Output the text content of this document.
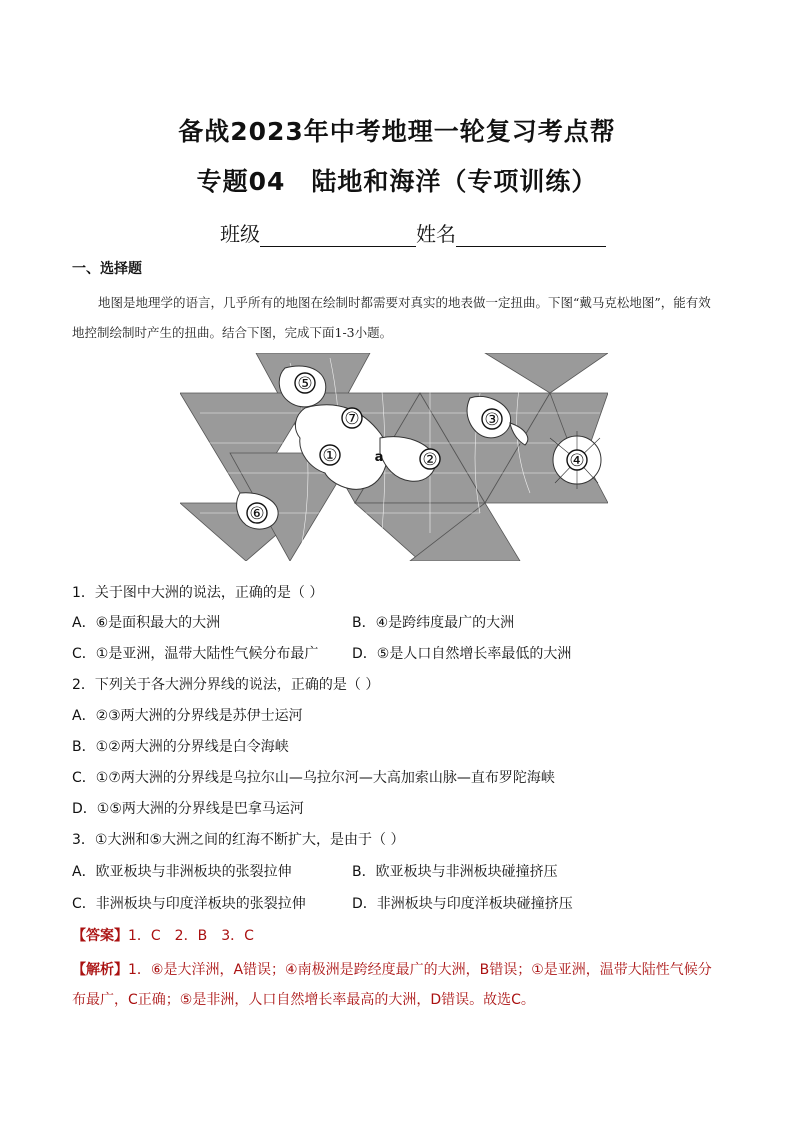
备战2023年中考地理一轮复习考点帮
专题04　陆地和海洋（专项训练）
班级	姓名
一、选择题
地图是地理学的语言，几乎所有的地图在绘制时都需要对真实的地表做一定扭曲。下图“戴马克松地图”，能有效地控制绘制时产生的扭曲。结合下图，完成下面1-3小题。
⑤
⑦
①	②
③
④
⑥
a
1．关于图中大洲的说法，正确的是（ ）
A．⑥是面积最大的大洲	B．④是跨纬度最广的大洲
C．①是亚洲，温带大陆性气候分布最广 D．⑤是人口自然增长率最低的大洲
2．下列关于各大洲分界线的说法，正确的是（ ）
A．②③两大洲的分界线是苏伊士运河
B．①②两大洲的分界线是白令海峡
C．①⑦两大洲的分界线是乌拉尔山—乌拉尔河—大高加索山脉—直布罗陀海峡
D．①⑤两大洲的分界线是巴拿马运河
3．①大洲和⑤大洲之间的红海不断扩大，是由于（ ）
A．欧亚板块与非洲板块的张裂拉伸	B．欧亚板块与非洲板块碰撞挤压
C．非洲板块与印度洋板块的张裂拉伸	D．非洲板块与印度洋板块碰撞挤压
【答案】1．C　2．B　3．C
【解析】1．⑥是大洋洲，A错误；④南极洲是跨经度最广的大洲，B错误；①是亚洲，温带大陆性气候分布最广，C正确；⑤是非洲，人口自然增长率最高的大洲，D错误。故选C。
